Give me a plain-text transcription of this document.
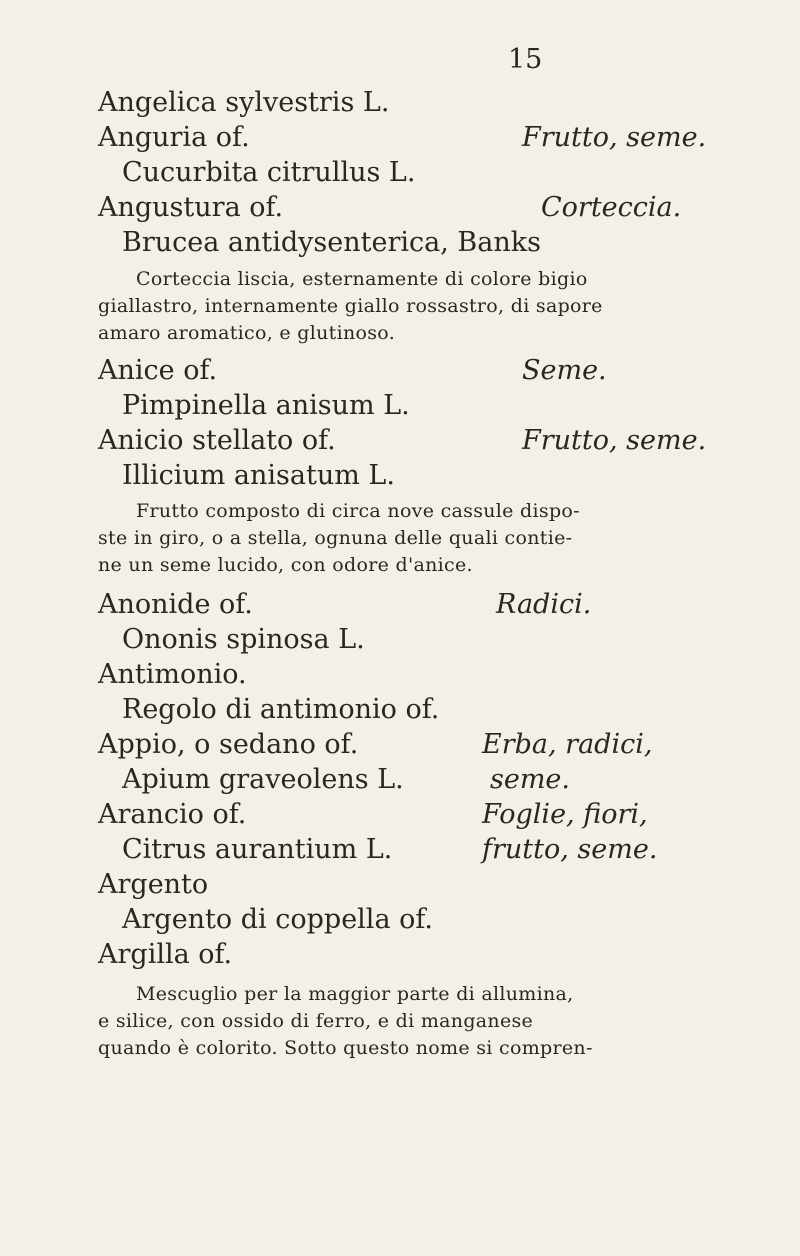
15
Angelica sylvestris L.
Anguria of.	Frutto, seme.
Cucurbita citrullus L.
Angustura of.	Corteccia.
Brucea antidysenterica, Banks
Corteccia liscia, esternamente di colore bigio
giallastro, internamente giallo rossastro, di sapore
amaro aromatico, e glutinoso.
Anice of.	Seme.
Pimpinella anisum L.
Anicio stellato of.	Frutto, seme.
Illicium anisatum L.
Frutto composto di circa nove cassule dispo-
ste in giro, o a stella, ognuna delle quali contie-
ne un seme lucido, con odore d'anice.
Anonide of.	Radici.
Ononis spinosa L.
Antimonio.
Regolo di antimonio of.
Appio, o sedano of.	Erba, radici,
Apium graveolens L.	seme.
Arancio of.	Foglie, fiori,
Citrus aurantium L.	frutto, seme.
Argento
Argento di coppella of.
Argilla of.
Mescuglio per la maggior parte di allumina,
e silice, con ossido di ferro, e di manganese
quando è colorito. Sotto questo nome si compren-
